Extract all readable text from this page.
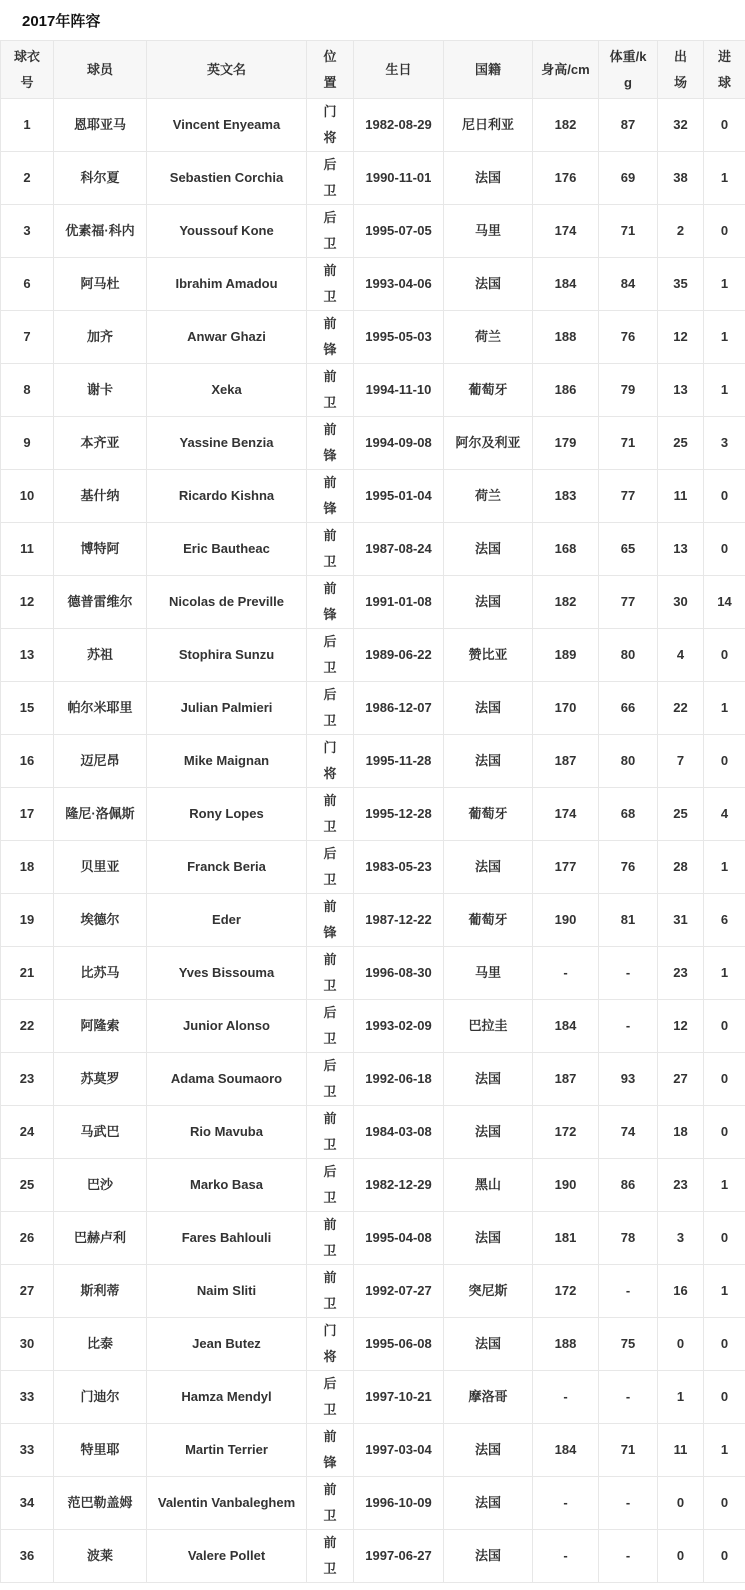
2017年阵容
球衣号	球员	英文名	位置	生日	国籍	身高/cm	体重/kg	出场	进球
1	恩耶亚马	Vincent Enyeama	门将	1982-08-29	尼日利亚	182	87	32	0
2	科尔夏	Sebastien Corchia	后卫	1990-11-01	法国	176	69	38	1
3	优素福·科内	Youssouf Kone	后卫	1995-07-05	马里	174	71	2	0
6	阿马杜	Ibrahim Amadou	前卫	1993-04-06	法国	184	84	35	1
7	加齐	Anwar Ghazi	前锋	1995-05-03	荷兰	188	76	12	1
8	谢卡	Xeka	前卫	1994-11-10	葡萄牙	186	79	13	1
9	本齐亚	Yassine Benzia	前锋	1994-09-08	阿尔及利亚	179	71	25	3
10	基什纳	Ricardo Kishna	前锋	1995-01-04	荷兰	183	77	11	0
11	博特阿	Eric Bautheac	前卫	1987-08-24	法国	168	65	13	0
12	德普雷维尔	Nicolas de Preville	前锋	1991-01-08	法国	182	77	30	14
13	苏祖	Stophira Sunzu	后卫	1989-06-22	赞比亚	189	80	4	0
15	帕尔米耶里	Julian Palmieri	后卫	1986-12-07	法国	170	66	22	1
16	迈尼昂	Mike Maignan	门将	1995-11-28	法国	187	80	7	0
17	隆尼·洛佩斯	Rony Lopes	前卫	1995-12-28	葡萄牙	174	68	25	4
18	贝里亚	Franck Beria	后卫	1983-05-23	法国	177	76	28	1
19	埃德尔	Eder	前锋	1987-12-22	葡萄牙	190	81	31	6
21	比苏马	Yves Bissouma	前卫	1996-08-30	马里	-	-	23	1
22	阿隆索	Junior Alonso	后卫	1993-02-09	巴拉圭	184	-	12	0
23	苏莫罗	Adama Soumaoro	后卫	1992-06-18	法国	187	93	27	0
24	马武巴	Rio Mavuba	前卫	1984-03-08	法国	172	74	18	0
25	巴沙	Marko Basa	后卫	1982-12-29	黑山	190	86	23	1
26	巴赫卢利	Fares Bahlouli	前卫	1995-04-08	法国	181	78	3	0
27	斯利蒂	Naim Sliti	前卫	1992-07-27	突尼斯	172	-	16	1
30	比泰	Jean Butez	门将	1995-06-08	法国	188	75	0	0
33	门迪尔	Hamza Mendyl	后卫	1997-10-21	摩洛哥	-	-	1	0
33	特里耶	Martin Terrier	前锋	1997-03-04	法国	184	71	11	1
34	范巴勒盖姆	Valentin Vanbaleghem	前卫	1996-10-09	法国	-	-	0	0
36	波莱	Valere Pollet	前卫	1997-06-27	法国	-	-	0	0
